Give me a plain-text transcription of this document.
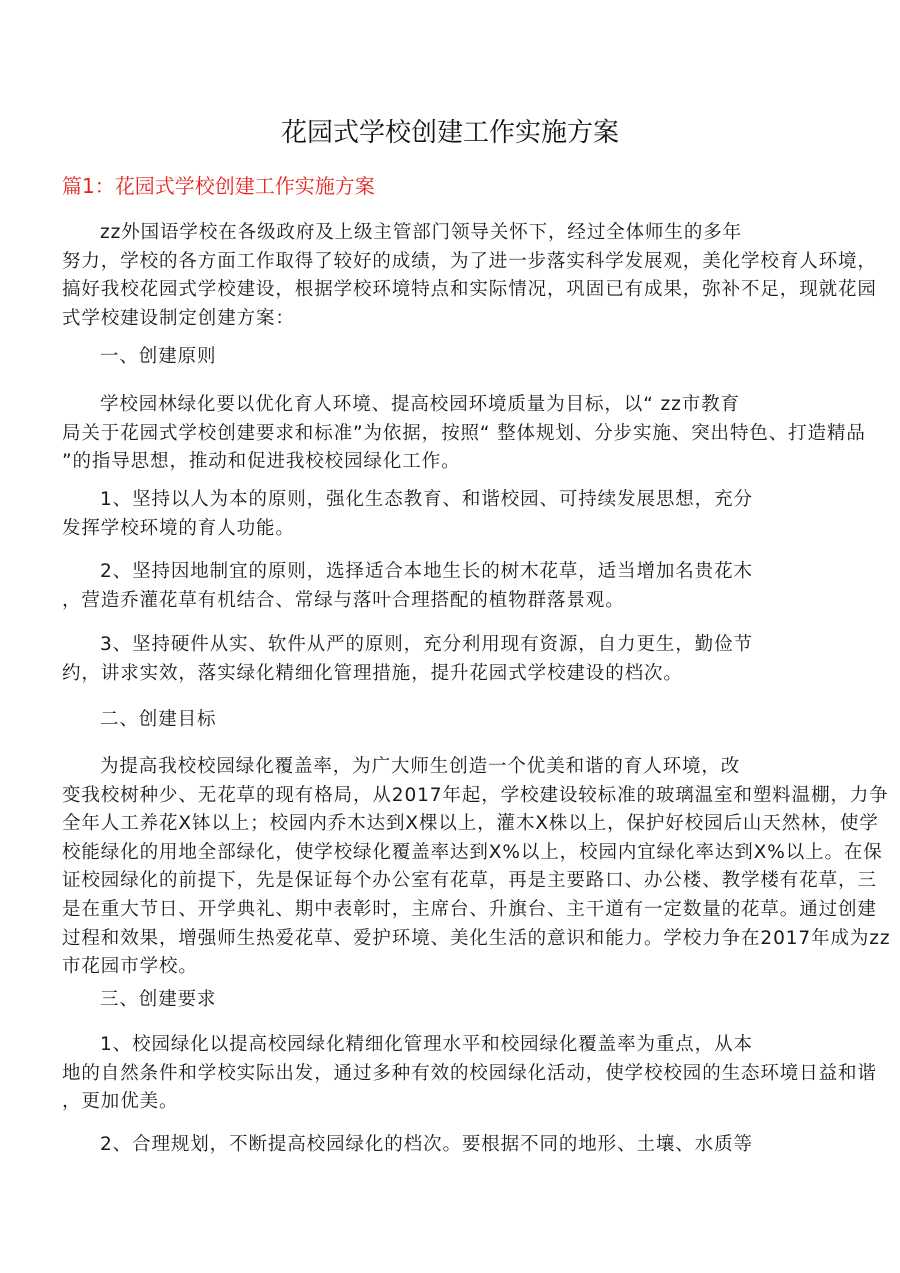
花园式学校创建工作实施方案
篇1：花园式学校创建工作实施方案
zz外国语学校在各级政府及上级主管部门领导关怀下，经过全体师生的多年
努力，学校的各方面工作取得了较好的成绩，为了进一步落实科学发展观，美化学校育人环境，
搞好我校花园式学校建设，根据学校环境特点和实际情况，巩固已有成果，弥补不足，现就花园
式学校建设制定创建方案：
一、创建原则
学校园林绿化要以优化育人环境、提高校园环境质量为目标，以“ zz市教育
局关于花园式学校创建要求和标准”为依据，按照“ 整体规划、分步实施、突出特色、打造精品
”的指导思想，推动和促进我校校园绿化工作。
1、坚持以人为本的原则，强化生态教育、和谐校园、可持续发展思想，充分
发挥学校环境的育人功能。
2、坚持因地制宜的原则，选择适合本地生长的树木花草，适当增加名贵花木
，营造乔灌花草有机结合、常绿与落叶合理搭配的植物群落景观。
3、坚持硬件从实、软件从严的原则，充分利用现有资源，自力更生，勤俭节
约，讲求实效，落实绿化精细化管理措施，提升花园式学校建设的档次。
二、创建目标
为提高我校校园绿化覆盖率，为广大师生创造一个优美和谐的育人环境，改
变我校树种少、无花草的现有格局，从2017年起，学校建设较标准的玻璃温室和塑料温棚，力争
全年人工养花X钵以上；校园内乔木达到X棵以上，灌木X株以上，保护好校园后山天然林，使学
校能绿化的用地全部绿化，使学校绿化覆盖率达到X%以上，校园内宜绿化率达到X%以上。在保
证校园绿化的前提下，先是保证每个办公室有花草，再是主要路口、办公楼、教学楼有花草，三
是在重大节日、开学典礼、期中表彰时，主席台、升旗台、主干道有一定数量的花草。通过创建
过程和效果，增强师生热爱花草、爱护环境、美化生活的意识和能力。学校力争在2017年成为zz
市花园市学校。
三、创建要求
1、校园绿化以提高校园绿化精细化管理水平和校园绿化覆盖率为重点，从本
地的自然条件和学校实际出发，通过多种有效的校园绿化活动，使学校校园的生态环境日益和谐
，更加优美。
2、合理规划，不断提高校园绿化的档次。要根据不同的地形、土壤、水质等
